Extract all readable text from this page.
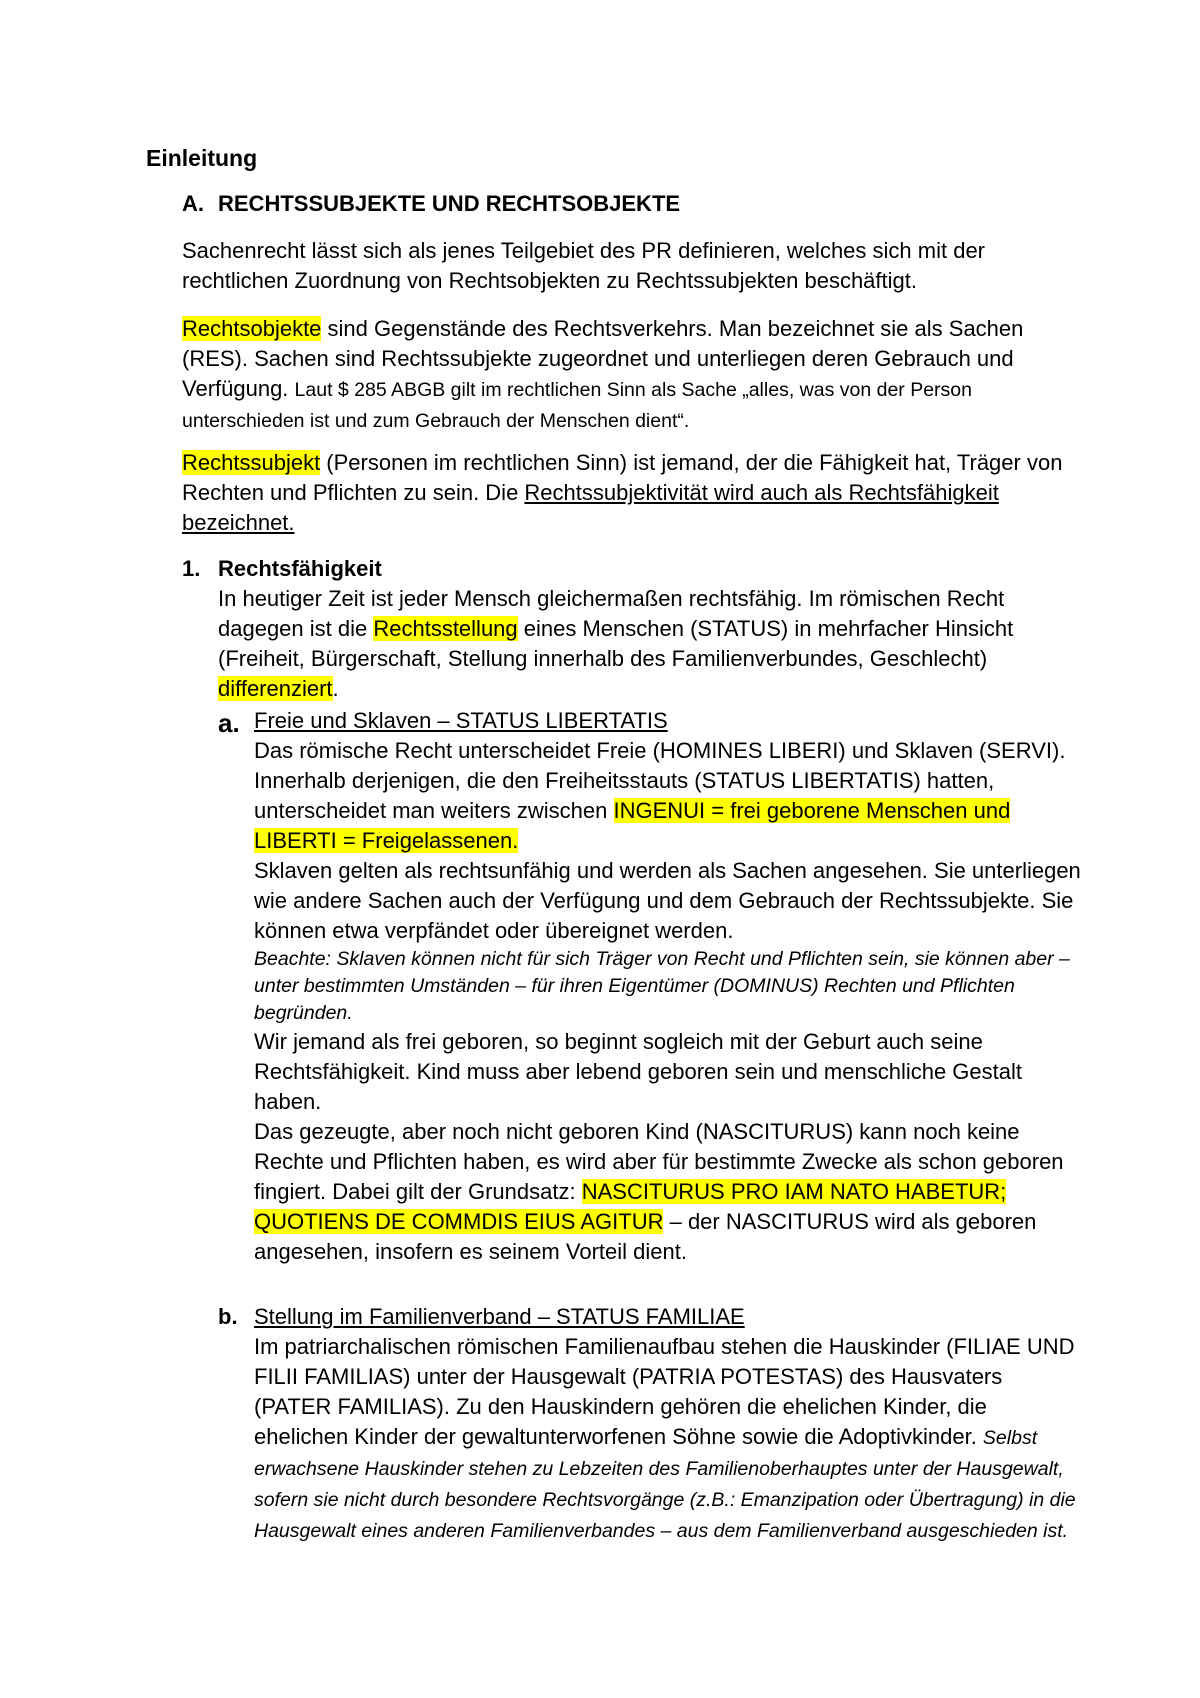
Einleitung
A. RECHTSSUBJEKTE UND RECHTSOBJEKTE
Sachenrecht lässt sich als jenes Teilgebiet des PR definieren, welches sich mit der rechtlichen Zuordnung von Rechtsobjekten zu Rechtssubjekten beschäftigt.
Rechtsobjekte sind Gegenstände des Rechtsverkehrs. Man bezeichnet sie als Sachen (RES). Sachen sind Rechtssubjekte zugeordnet und unterliegen deren Gebrauch und Verfügung. Laut $ 285 ABGB gilt im rechtlichen Sinn als Sache „alles, was von der Person unterschieden ist und zum Gebrauch der Menschen dient“.
Rechtssubjekt (Personen im rechtlichen Sinn) ist jemand, der die Fähigkeit hat, Träger von Rechten und Pflichten zu sein. Die Rechtssubjektivität wird auch als Rechtsfähigkeit bezeichnet.
1. Rechtsfähigkeit
In heutiger Zeit ist jeder Mensch gleichermaßen rechtsfähig. Im römischen Recht dagegen ist die Rechtsstellung eines Menschen (STATUS) in mehrfacher Hinsicht (Freiheit, Bürgerschaft, Stellung innerhalb des Familienverbundes, Geschlecht) differenziert.
a. Freie und Sklaven – STATUS LIBERTATIS
Das römische Recht unterscheidet Freie (HOMINES LIBERI) und Sklaven (SERVI). Innerhalb derjenigen, die den Freiheitsstauts (STATUS LIBERTATIS) hatten, unterscheidet man weiters zwischen INGENUI = frei geborene Menschen und LIBERTI = Freigelassenen.
Sklaven gelten als rechtsunfähig und werden als Sachen angesehen. Sie unterliegen wie andere Sachen auch der Verfügung und dem Gebrauch der Rechtssubjekte. Sie können etwa verpfändet oder übereignet werden.
Beachte: Sklaven können nicht für sich Träger von Recht und Pflichten sein, sie können aber – unter bestimmten Umständen – für ihren Eigentümer (DOMINUS) Rechten und Pflichten begründen.
Wir jemand als frei geboren, so beginnt sogleich mit der Geburt auch seine Rechtsfähigkeit. Kind muss aber lebend geboren sein und menschliche Gestalt haben.
Das gezeugte, aber noch nicht geboren Kind (NASCITURUS) kann noch keine Rechte und Pflichten haben, es wird aber für bestimmte Zwecke als schon geboren fingiert. Dabei gilt der Grundsatz: NASCITURUS PRO IAM NATO HABETUR; QUOTIENS DE COMMDIS EIUS AGITUR – der NASCITURUS wird als geboren angesehen, insofern es seinem Vorteil dient.
b. Stellung im Familienverband – STATUS FAMILIAE
Im patriarchalischen römischen Familienaufbau stehen die Hauskinder (FILIAE UND FILII FAMILIAS) unter der Hausgewalt (PATRIA POTESTAS) des Hausvaters (PATER FAMILIAS). Zu den Hauskindern gehören die ehelichen Kinder, die ehelichen Kinder der gewaltunterworfenen Söhne sowie die Adoptivkinder. Selbst erwachsene Hauskinder stehen zu Lebzeiten des Familienoberhauptes unter der Hausgewalt, sofern sie nicht durch besondere Rechtsvorgänge (z.B.: Emanzipation oder Übertragung) in die Hausgewalt eines anderen Familienverbandes – aus dem Familienverband ausgeschieden ist.
